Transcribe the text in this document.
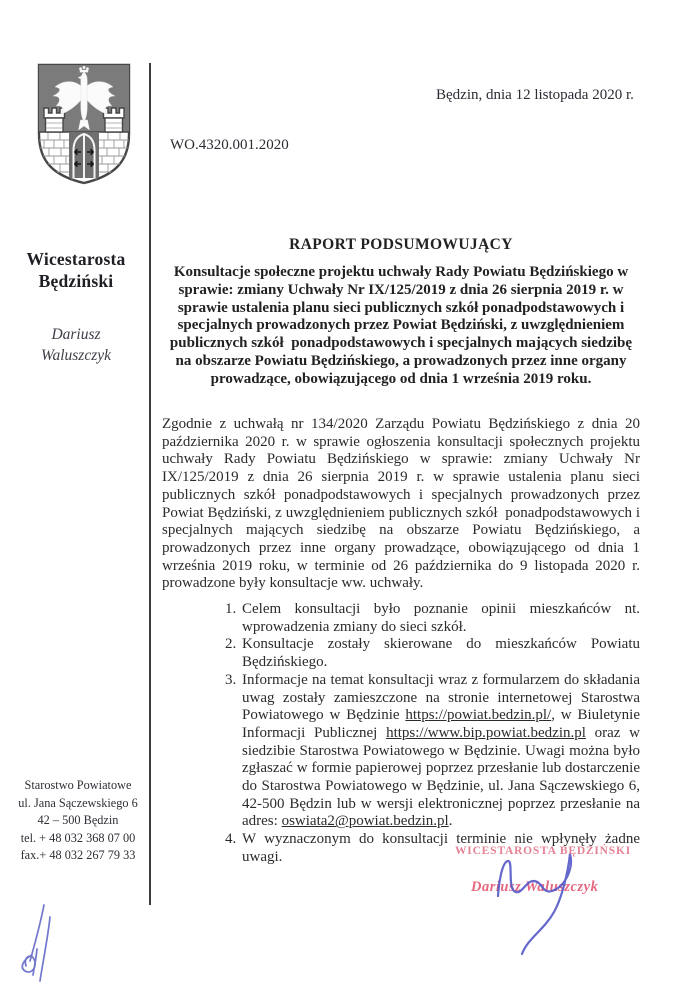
Będzin, dnia 12 listopada 2020 r.
WO.4320.001.2020
Wicestarosta
Będziński
Dariusz
Waluszczyk
Starostwo Powiatowe
ul. Jana Sączewskiego 6
42 – 500 Będzin
tel. + 48 032 368 07 00
fax.+ 48 032 267 79 33
RAPORT PODSUMOWUJĄCY
Konsultacje społeczne projektu uchwały Rady Powiatu Będzińskiego w sprawie: zmiany Uchwały Nr IX/125/2019 z dnia 26 sierpnia 2019 r. w sprawie ustalenia planu sieci publicznych szkół ponadpodstawowych i specjalnych prowadzonych przez Powiat Będziński, z uwzględnieniem publicznych szkół  ponadpodstawowych i specjalnych mających siedzibę na obszarze Powiatu Będzińskiego, a prowadzonych przez inne organy prowadzące, obowiązującego od dnia 1 września 2019 roku.
Zgodnie z uchwałą nr 134/2020 Zarządu Powiatu Będzińskiego z dnia 20 października 2020 r. w sprawie ogłoszenia konsultacji społecznych projektu uchwały Rady Powiatu Będzińskiego w sprawie: zmiany Uchwały Nr IX/125/2019 z dnia 26 sierpnia 2019 r. w sprawie ustalenia planu sieci publicznych szkół ponadpodstawowych i specjalnych prowadzonych przez Powiat Będziński, z uwzględnieniem publicznych szkół  ponadpodstawowych i specjalnych mających siedzibę na obszarze Powiatu Będzińskiego, a prowadzonych przez inne organy prowadzące, obowiązującego od dnia 1 września 2019 roku, w terminie od 26 października do 9 listopada 2020 r. prowadzone były konsultacje ww. uchwały.
1. Celem konsultacji było poznanie opinii mieszkańców nt. wprowadzenia zmiany do sieci szkół.
2. Konsultacje zostały skierowane do mieszkańców Powiatu Będzińskiego.
3. Informacje na temat konsultacji wraz z formularzem do składania uwag zostały zamieszczone na stronie internetowej Starostwa Powiatowego w Będzinie https://powiat.bedzin.pl/, w Biuletynie Informacji Publicznej https://www.bip.powiat.bedzin.pl oraz w siedzibie Starostwa Powiatowego w Będzinie. Uwagi można było zgłaszać w formie papierowej poprzez przesłanie lub dostarczenie do Starostwa Powiatowego w Będzinie, ul. Jana Sączewskiego 6, 42-500 Będzin lub w wersji elektronicznej poprzez przesłanie na adres: oswiata2@powiat.bedzin.pl.
4. W wyznaczonym do konsultacji terminie nie wpłynęły żadne uwagi.	WICESTAROSTA BĘDZIŃSKI
Dariusz Waluszczyk
